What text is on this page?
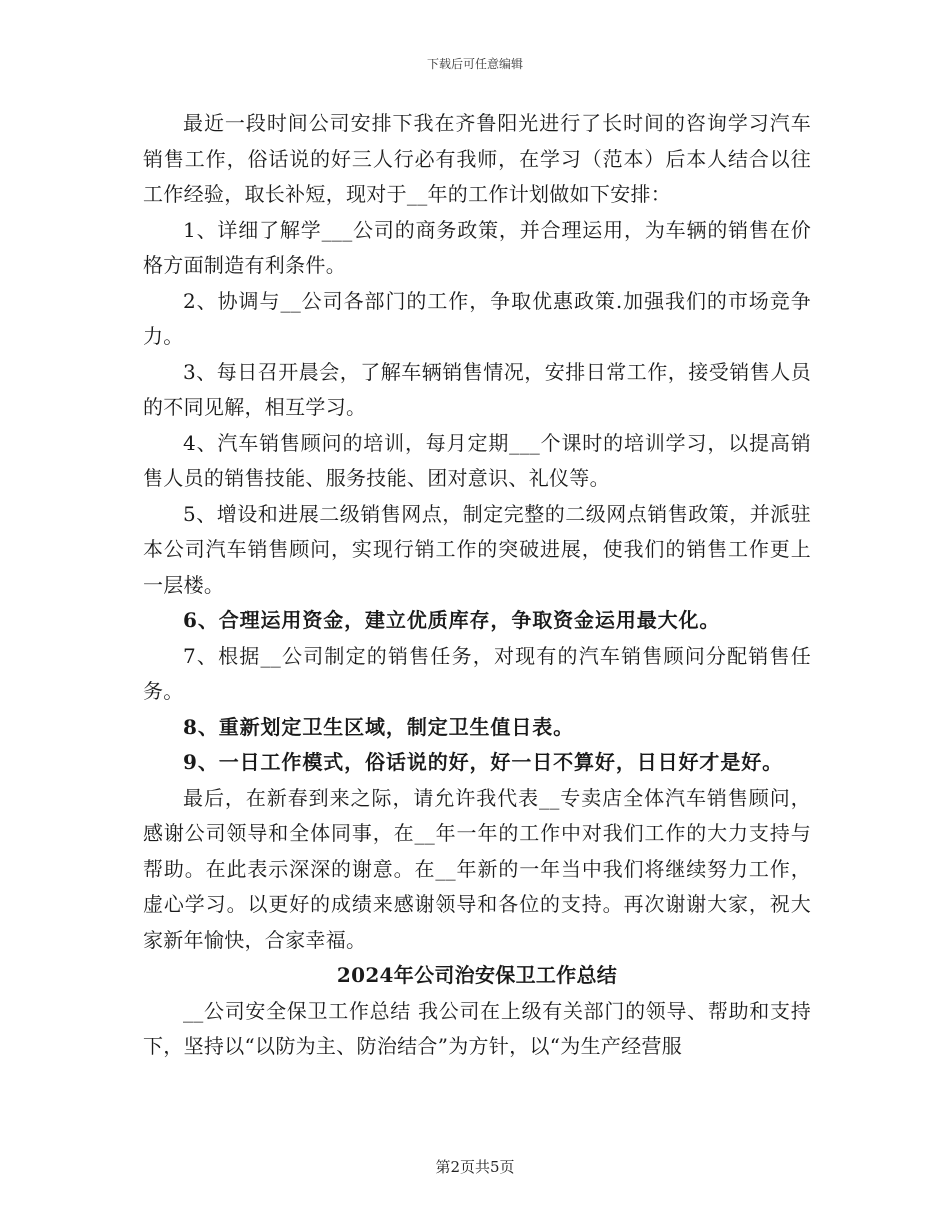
下载后可任意编辑

最近一段时间公司安排下我在齐鲁阳光进行了长时间的咨询学习汽车销售工作，俗话说的好三人行必有我师，在学习（范本）后本人结合以往工作经验，取长补短，现对于__年的工作计划做如下安排：

1、详细了解学___公司的商务政策，并合理运用，为车辆的销售在价格方面制造有利条件。

2、协调与__公司各部门的工作，争取优惠政策.加强我们的市场竞争力。

3、每日召开晨会，了解车辆销售情况，安排日常工作，接受销售人员的不同见解，相互学习。

4、汽车销售顾问的培训，每月定期___个课时的培训学习，以提高销售人员的销售技能、服务技能、团对意识、礼仪等。

5、增设和进展二级销售网点，制定完整的二级网点销售政策，并派驻本公司汽车销售顾问，实现行销工作的突破进展，使我们的销售工作更上一层楼。

6、合理运用资金，建立优质库存，争取资金运用最大化。

7、根据__公司制定的销售任务，对现有的汽车销售顾问分配销售任务。

8、重新划定卫生区域，制定卫生值日表。

9、一日工作模式，俗话说的好，好一日不算好，日日好才是好。

最后，在新春到来之际，请允许我代表__专卖店全体汽车销售顾问，感谢公司领导和全体同事，在__年一年的工作中对我们工作的大力支持与帮助。在此表示深深的谢意。在__年新的一年当中我们将继续努力工作，虚心学习。以更好的成绩来感谢领导和各位的支持。再次谢谢大家，祝大家新年愉快，合家幸福。

2024年公司治安保卫工作总结

__公司安全保卫工作总结 我公司在上级有关部门的领导、帮助和支持下，坚持以“以防为主、防治结合”为方针，以“为生产经营服

第2页共5页
